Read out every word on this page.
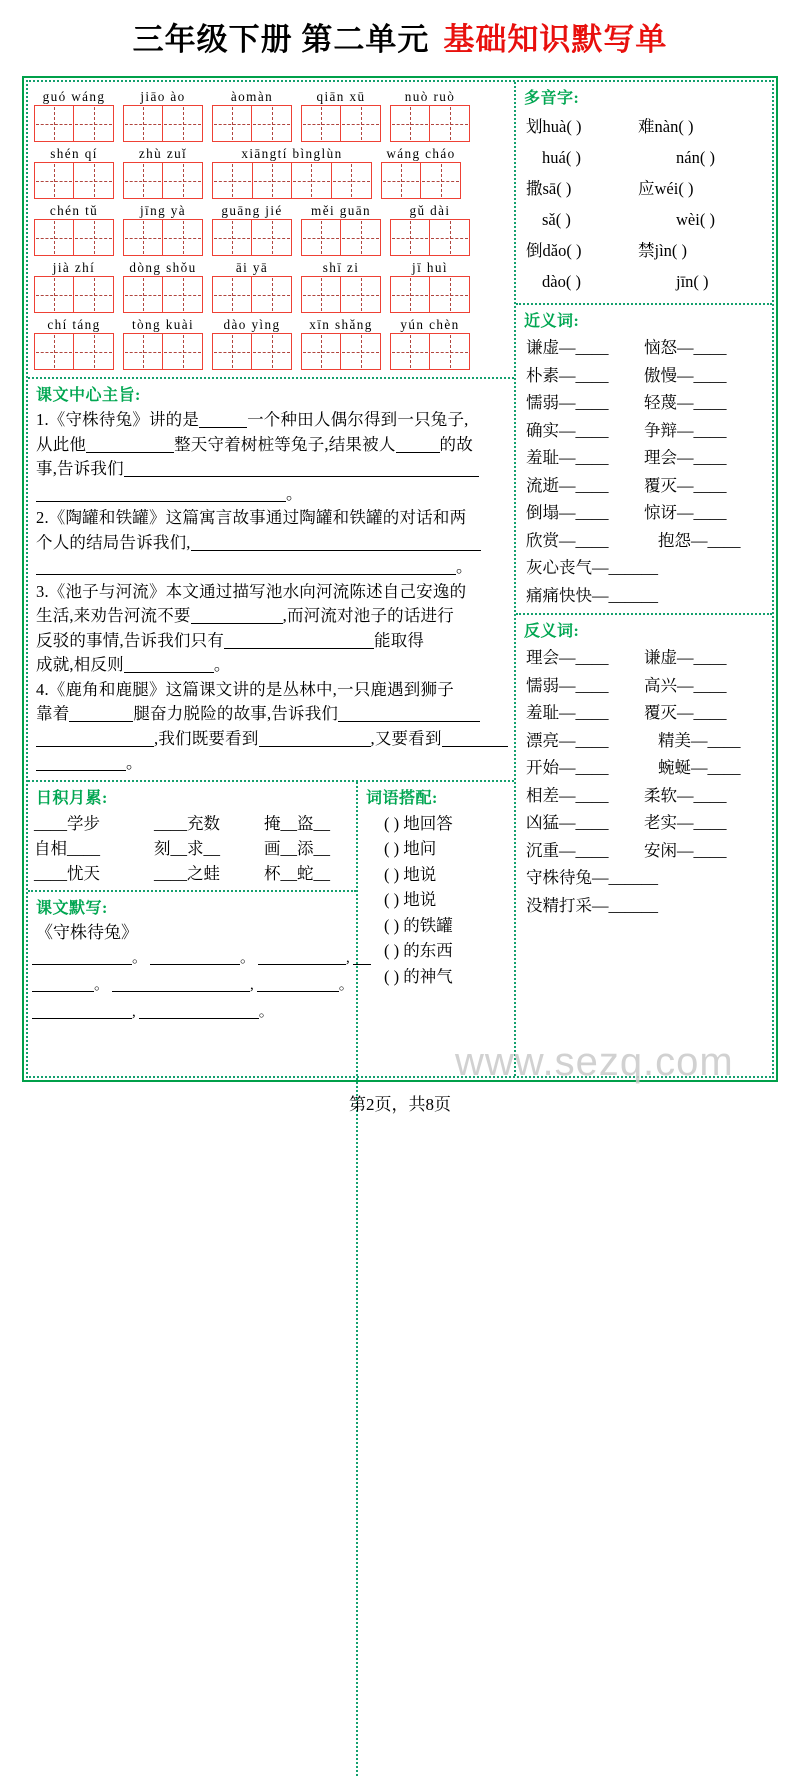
三年级下册 第二单元 基础知识默写单
guó wáng	jiāo ào	àomàn	qiān xū	nuò ruò
shén qí	zhù zuǐ	xiāngtí bìnglùn	wáng cháo
chén tǔ	jīng yà	guāng jié	měi guān	gǔ dài
jià zhí	dòng shǒu	āi yā	shī zi	jī huì
chí táng	tòng kuài	dào yìng	xīn shǎng	yún chèn
课文中心主旨:
1.《守株待兔》讲的是	一个种田人偶尔得到一只兔子,
从此他	整天守着树桩等兔子,结果被人	的故
事,告诉我们
。
2.《陶罐和铁罐》这篇寓言故事通过陶罐和铁罐的对话和两
个人的结局告诉我们,
。
3.《池子与河流》本文通过描写池水向河流陈述自己安逸的
生活,来劝告河流不要	,而河流对池子的话进行
反驳的事情,告诉我们只有	能取得
成就,相反则	。
4.《鹿角和鹿腿》这篇课文讲的是丛林中,一只鹿遇到狮子
靠着	腿奋力脱险的故事,告诉我们
,我们既要看到	,又要看到
。
日积月累:
____学步	____充数	掩__盗__
自相____	刻__求__	画__添__
____忧天	____之蛙	杯__蛇__
课文默写:
《守株待兔》
。	。	,
。	,	。
,	。
词语搭配:
( ) 地回答
( ) 地问
( ) 地说
( ) 地说
( ) 的铁罐
( ) 的东西
( ) 的神气
多音字:
划huà( )	难nàn( )
huá( )	nán( )
撒sā( )	应wéi( )
sǎ( )	wèi( )
倒dǎo( )	禁jìn( )
dào( )	jīn( )
近义词:
谦虚—____	恼怒—____
朴素—____	傲慢—____
懦弱—____	轻蔑—____
确实—____	争辩—____
羞耻—____	理会—____
流逝—____	覆灭—____
倒塌—____	惊讶—____
欣赏—____	抱怨—____
灰心丧气—______
痛痛快快—______
反义词:
理会—____	谦虚—____
懦弱—____	高兴—____
羞耻—____	覆灭—____
漂亮—____	精美—____
开始—____	蜿蜒—____
相差—____	柔软—____
凶猛—____	老实—____
沉重—____	安闲—____
守株待兔—______
没精打采—______
www.sezq.com
第2页，共8页
